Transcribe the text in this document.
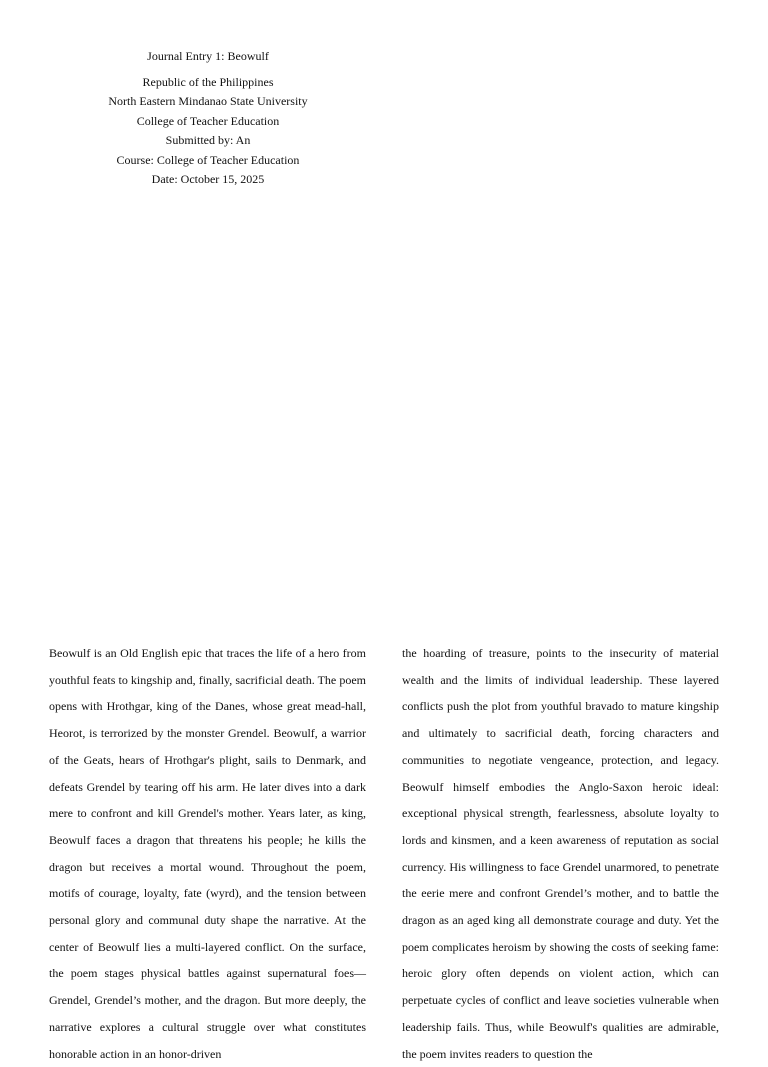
Journal Entry 1: Beowulf
Republic of the Philippines
North Eastern Mindanao State University
College of Teacher Education
Submitted by: An
Course: College of Teacher Education
Date: October 15, 2025

Beowulf is an Old English epic that traces the life of a hero from youthful feats to kingship and, finally, sacrificial death. The poem opens with Hrothgar, king of the Danes, whose great mead-hall, Heorot, is terrorized by the monster Grendel. Beowulf, a warrior of the Geats, hears of Hrothgar's plight, sails to Denmark, and defeats Grendel by tearing off his arm. He later dives into a dark mere to confront and kill Grendel's mother. Years later, as king, Beowulf faces a dragon that threatens his people; he kills the dragon but receives a mortal wound. Throughout the poem, motifs of courage, loyalty, fate (wyrd), and the tension between personal glory and communal duty shape the narrative. At the center of Beowulf lies a multi-layered conflict. On the surface, the poem stages physical battles against supernatural foes—Grendel, Grendel’s mother, and the dragon. But more deeply, the narrative explores a cultural struggle over what constitutes honorable action in an honor-driven

the hoarding of treasure, points to the insecurity of material wealth and the limits of individual leadership. These layered conflicts push the plot from youthful bravado to mature kingship and ultimately to sacrificial death, forcing characters and communities to negotiate vengeance, protection, and legacy. Beowulf himself embodies the Anglo-Saxon heroic ideal: exceptional physical strength, fearlessness, absolute loyalty to lords and kinsmen, and a keen awareness of reputation as social currency. His willingness to face Grendel unarmored, to penetrate the eerie mere and confront Grendel’s mother, and to battle the dragon as an aged king all demonstrate courage and duty. Yet the poem complicates heroism by showing the costs of seeking fame: heroic glory often depends on violent action, which can perpetuate cycles of conflict and leave societies vulnerable when leadership fails. Thus, while Beowulf's qualities are admirable, the poem invites readers to question the
